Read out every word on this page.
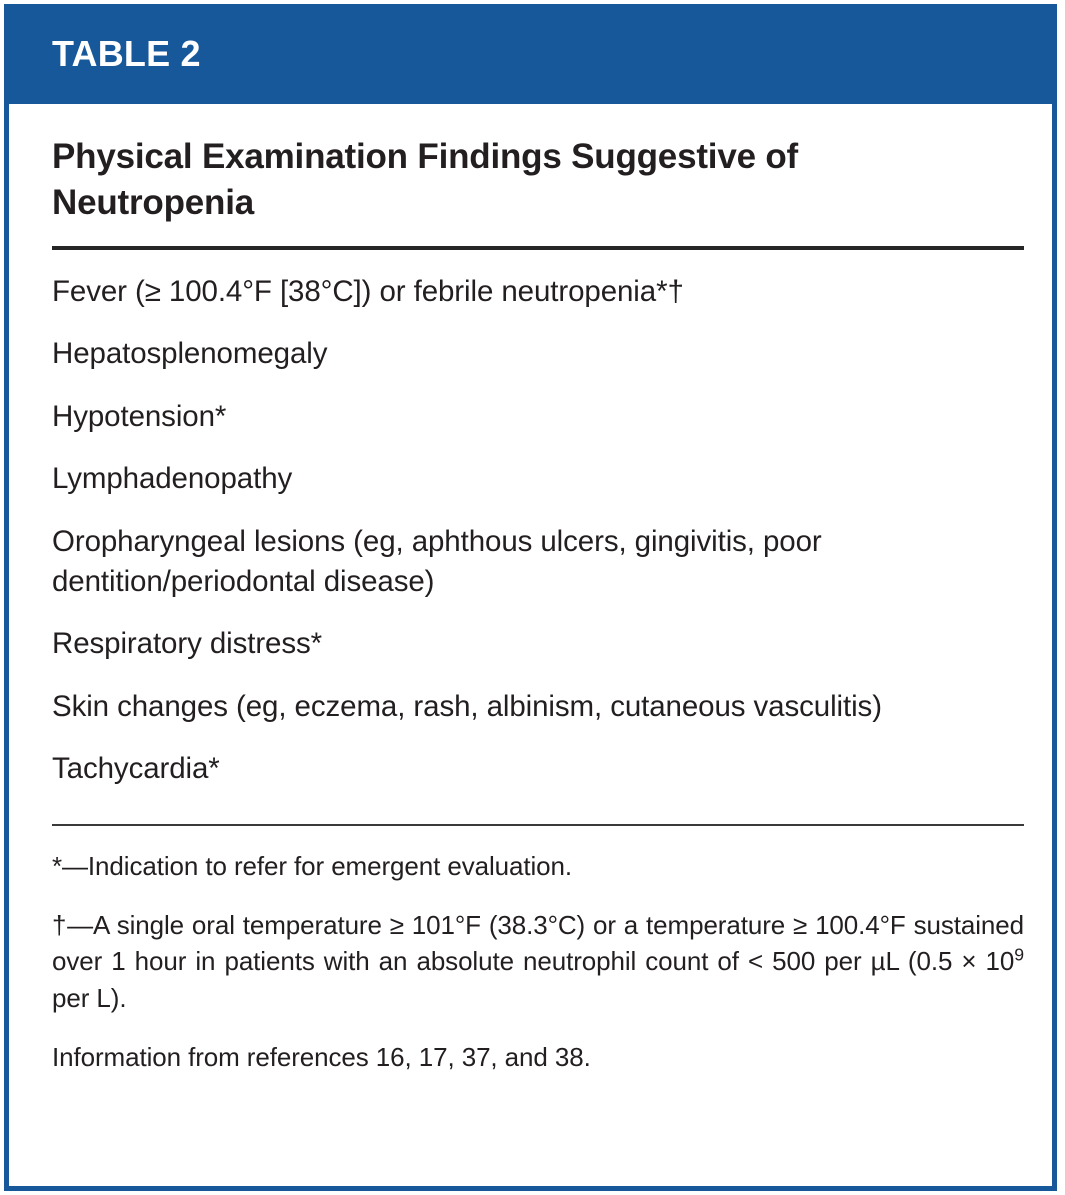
TABLE 2
Physical Examination Findings Suggestive of Neutropenia
Fever (≥ 100.4°F [38°C]) or febrile neutropenia*†
Hepatosplenomegaly
Hypotension*
Lymphadenopathy
Oropharyngeal lesions (eg, aphthous ulcers, gingivitis, poor dentition/periodontal disease)
Respiratory distress*
Skin changes (eg, eczema, rash, albinism, cutaneous vasculitis)
Tachycardia*

*—Indication to refer for emergent evaluation.

†—A single oral temperature ≥ 101°F (38.3°C) or a temperature ≥ 100.4°F sustained over 1 hour in patients with an absolute neutrophil count of < 500 per µL ($0.5 \times 10^9$ per L).

Information from references 16, 17, 37, and 38.
